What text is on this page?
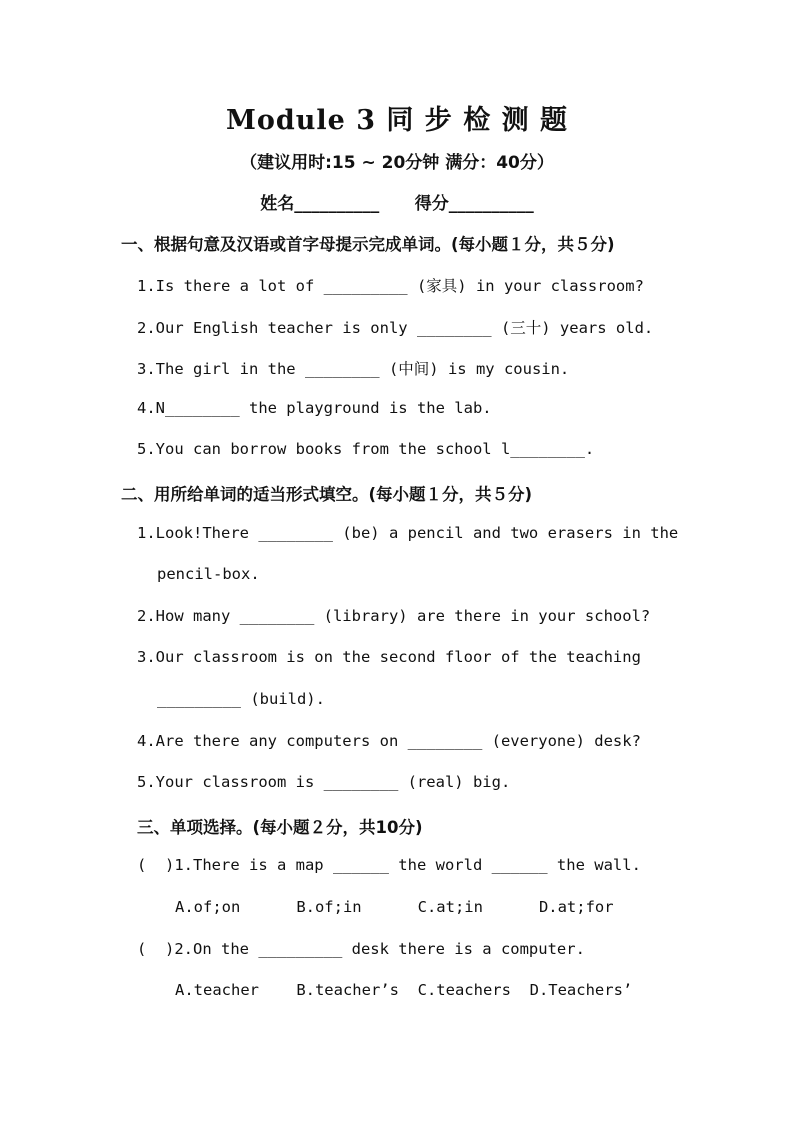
Module 3 同 步 检 测 题
（建议用时:15 ~ 20分钟 满分：40分）
姓名__________      得分__________
一、根据句意及汉语或首字母提示完成单词。(每小题１分，共５分)
1.Is there a lot of _________ (家具) in your classroom?
2.Our English teacher is only ________ (三十) years old.
3.The girl in the ________ (中间) is my cousin.
4.N________ the playground is the lab.
5.You can borrow books from the school l________.
二、用所给单词的适当形式填空。(每小题１分，共５分)
1.Look!There ________ (be) a pencil and two erasers in the
pencil-box.
2.How many ________ (library) are there in your school?
3.Our classroom is on the second floor of the teaching
_________ (build).
4.Are there any computers on ________ (everyone) desk?
5.Your classroom is ________ (real) big.
三、单项选择。(每小题２分，共10分)
(  )1.There is a map ______ the world ______ the wall.
A.of;on      B.of;in      C.at;in      D.at;for
(  )2.On the _________ desk there is a computer.
A.teacher    B.teacher’s  C.teachers  D.Teachers’
